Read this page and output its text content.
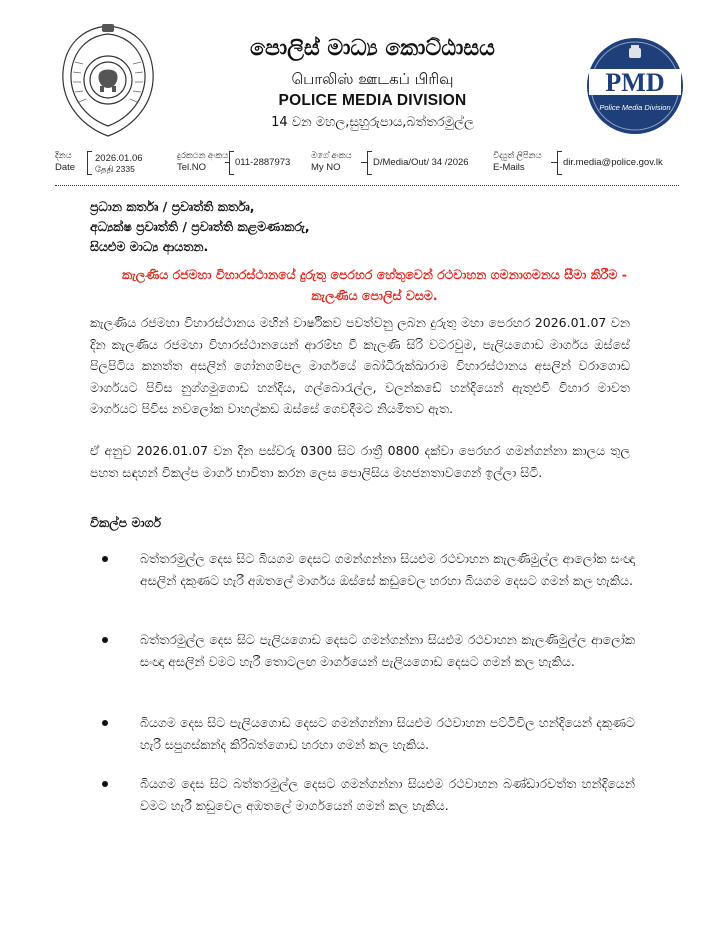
පොලිස් මාධ්‍ය කොට්ඨාසය
பொலிஸ் ஊடகப் பிரிவு
POLICE MEDIA DIVISION
14 වන මහල,සුහුරුපාය,බත්තරමුල්ල
PMD
Police Media Division
දිනය
Date
2026.01.06
தேதி 2335
දුරකථන අංකය
Tel.NO	011-2887973
මගේ අංකය
My NO	D/Media/Out/ 34 /2026
විද්‍යුත් ලිපිනය
E-Mails	dir.media@police.gov.lk
ප්‍රධාන කර්තෘ / ප්‍රවෘත්ති කර්තෘ,
අධ්‍යක්ෂ ප්‍රවෘත්ති / ප්‍රවෘත්ති කළමණාකරු,
සියළුම මාධ්‍ය ආයතන.
කැලණිය රජමහා විහාරස්ථානයේ දුරුතු පෙරහර හේතුවෙන් රථවාහන ගමනාගමනය සීමා කිරීම - කැලණිය පොලිස් වසම.
කැලණිය රජමහා විහාරස්ථානය මහින් වාර්ෂිකව පවත්වනු ලබන දුරුතු මහා පෙරහර 2026.01.07 වන දින කැලණිය රජමහා විහාරස්ථානයෙන් ආරම්භ වී කැලණි සිරි වටරවුම, පැලියගොඩ මාර්ගය ඔස්සේ පිලපිටිය කනත්ත අසලින් ගෝනගම්පල මාර්ගයේ බෝධිරුක්ඛාරාම විහාරස්ථානය අසලින් වරාගොඩ මාර්ගයට පිවිස නුග්ගමුගොඩ හන්දිය, ගල්බොරැල්ල, වලන්කඩේ හන්දියෙන් ඇතුළුවී විහාර මාවත මාර්ගයට පිවිස නවලෝක වාහල්කඩ ඔස්සේ ගෙවදීමට නියමිතව ඇත.
ඒ අනුව 2026.01.07 වන දින පස්වරු 0300 සිට රාත්‍රී 0800 දක්වා පෙරහර ගමන්ගන්නා කාලය තුල පහත සඳහන් විකල්ප මාර්ග භාවිතා කරන ලෙස පොලිසිය මහජනතාවගෙන් ඉල්ලා සිටී.
විකල්ප මාර්ග
බත්තරමුල්ල දෙස සිට බියගම දෙසට ගමන්ගන්නා සියළුම රථවාහන කැලණිමුල්ල ආලෝක සංඥා අසලින් දකුණට හැරී අඹතලේ මාර්ගය ඔස්සේ කඩුවෙල හරහා බියගම දෙසට ගමන් කල හැකිය.
බත්තරමුල්ල දෙස සිට පැලියගොඩ දෙසට ගමන්ගන්නා සියළුම රථවාහන කැලණිමුල්ල ආලෝක සංඥා අසලින් වමට හැරී තොටලඟ මාර්ගයෙන් පැලියගොඩ දෙසට ගමන් කල හැකිය.
බියගම දෙස සිට පැලියගොඩ දෙසට ගමන්ගන්නා සියළුම රථවාහන පට්ටිවිල හන්දියෙන් දකුණට හැරී සපුගස්කන්ද කිරිබත්ගොඩ හරහා ගමන් කල හැකිය.
බියගම දෙස සිට බත්තරමුල්ල දෙසට ගමන්ගන්නා සියළුම රථවාහන බණ්ඩාරවත්ත හන්දියෙන් වමට හැරී කඩුවෙල අඹතලේ මාර්ගයෙන් ගමන් කල හැකිය.
